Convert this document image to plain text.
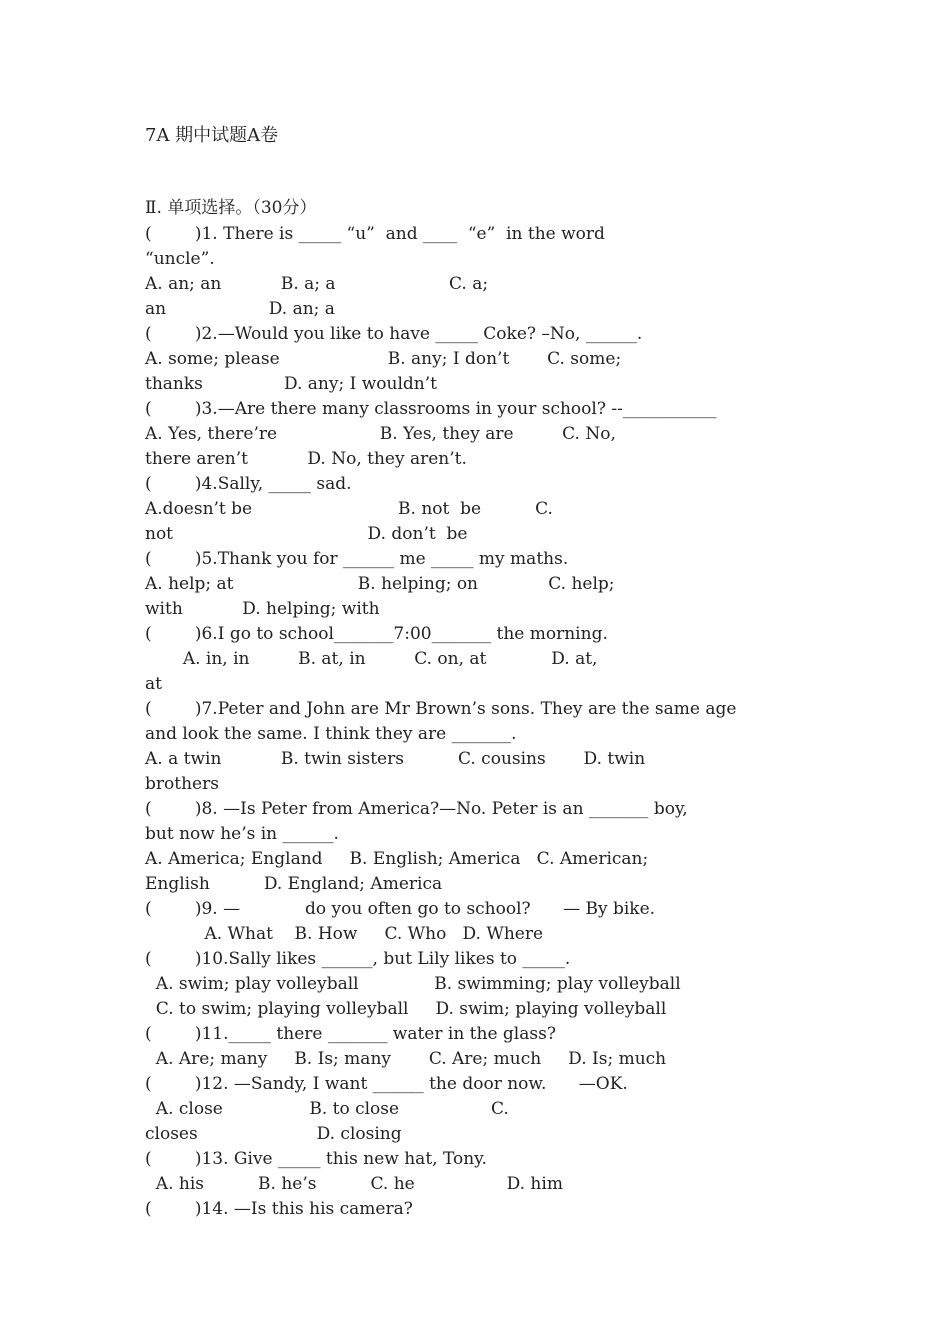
7A 期中试题A卷
Ⅱ. 单项选择。（30分）
(        )1. There is _____ “u”  and ____  “e”  in the word
“uncle”.
A. an; an           B. a; a                     C. a;
an                   D. an; a
(        )2.—Would you like to have _____ Coke? –No, ______.
A. some; please                    B. any; I don’t       C. some;
thanks               D. any; I wouldn’t
(        )3.—Are there many classrooms in your school? --___________
A. Yes, there’re                   B. Yes, they are         C. No,
there aren’t           D. No, they aren’t.
(        )4.Sally, _____ sad.
A.doesn’t be                           B. not  be          C.
not                                    D. don’t  be
(        )5.Thank you for ______ me _____ my maths.
A. help; at                       B. helping; on             C. help;
with           D. helping; with
(        )6.I go to school_______7:00_______ the morning.
A. in, in         B. at, in         C. on, at            D. at,
at
(        )7.Peter and John are Mr Brown’s sons. They are the same age
and look the same. I think they are _______.
A. a twin           B. twin sisters          C. cousins       D. twin
brothers
(        )8. —Is Peter from America?—No. Peter is an _______ boy,
but now he’s in ______.
A. America; England     B. English; America   C. American;
English          D. England; America
(        )9. —            do you often go to school?      — By bike.
A. What    B. How     C. Who   D. Where
(        )10.Sally likes ______, but Lily likes to _____.
A. swim; play volleyball              B. swimming; play volleyball
C. to swim; playing volleyball     D. swim; playing volleyball
(        )11._____ there _______ water in the glass?
A. Are; many     B. Is; many       C. Are; much     D. Is; much
(        )12. —Sandy, I want ______ the door now.      —OK.
A. close                B. to close                 C.
closes                      D. closing
(        )13. Give _____ this new hat, Tony.
A. his          B. he’s          C. he                 D. him
(        )14. —Is this his camera?
